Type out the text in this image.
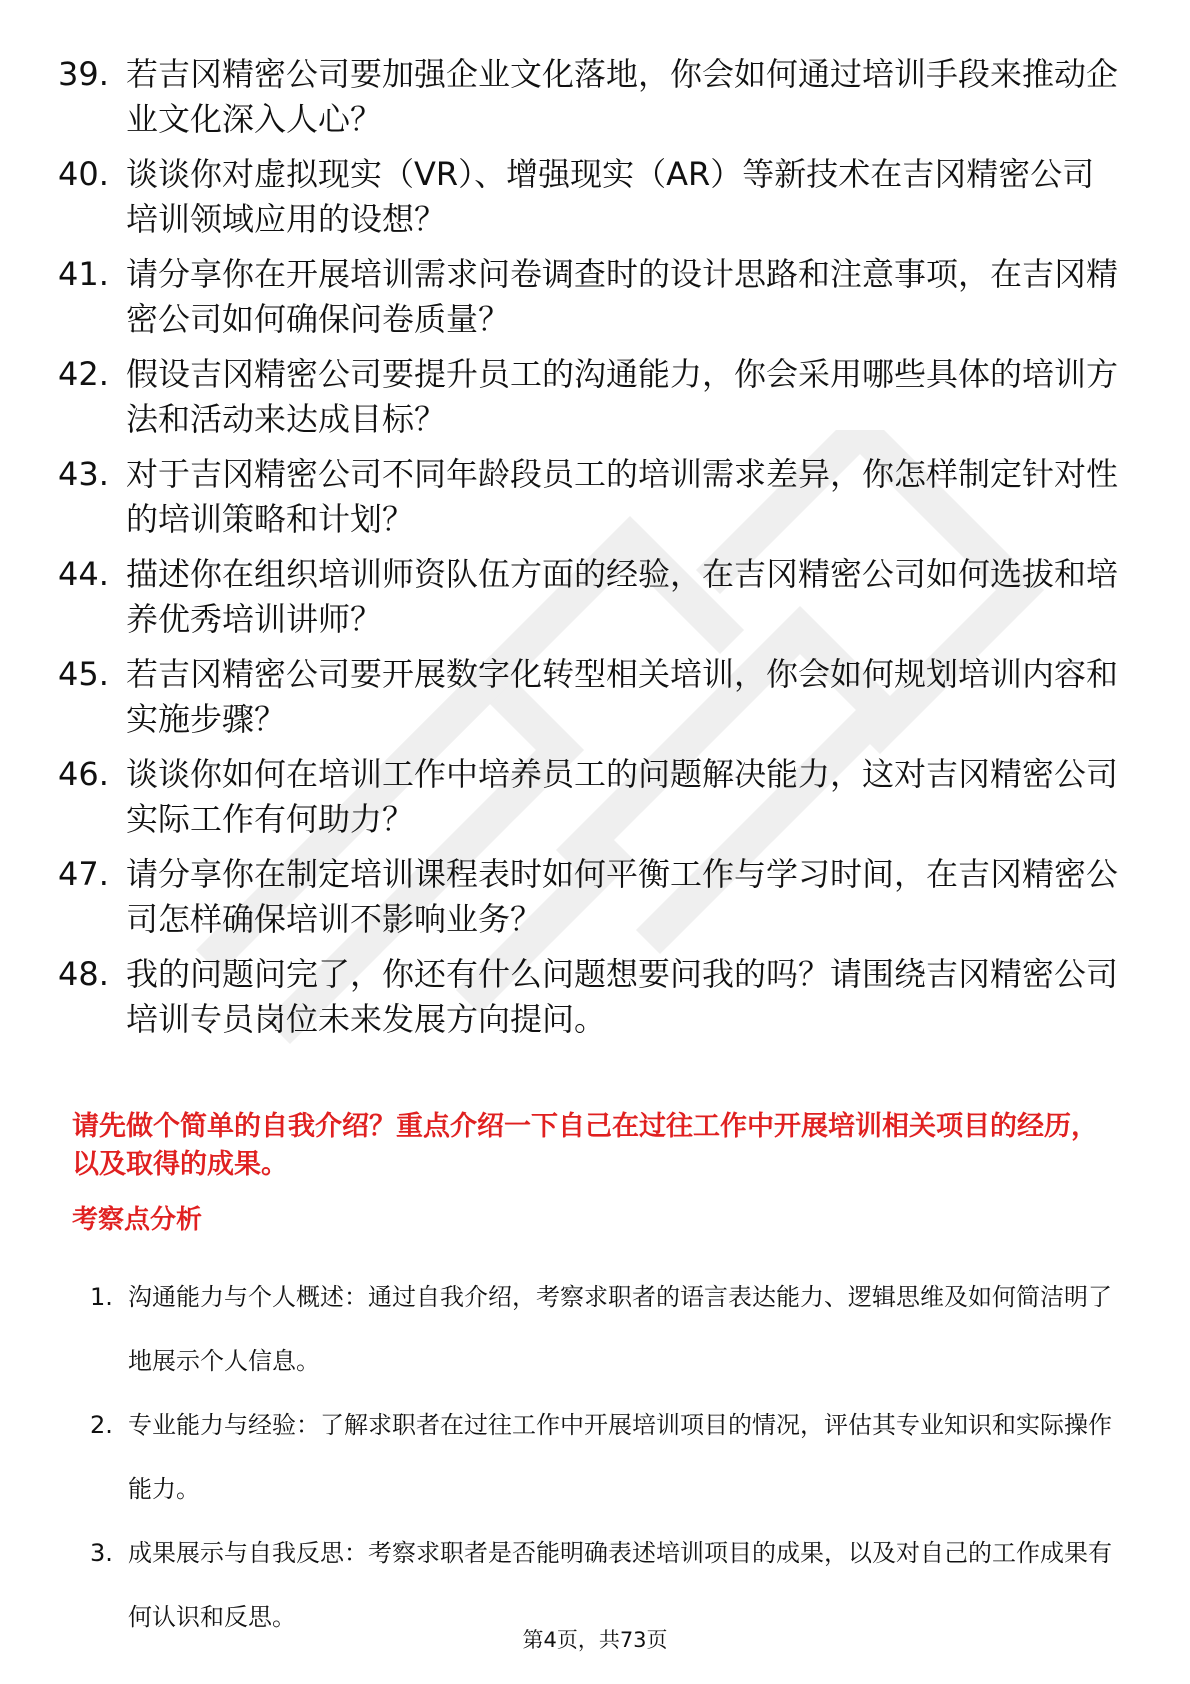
39. 若吉冈精密公司要加强企业文化落地，你会如何通过培训手段来推动企业文化深入人心？
40. 谈谈你对虚拟现实（VR）、增强现实（AR）等新技术在吉冈精密公司培训领域应用的设想？
41. 请分享你在开展培训需求问卷调查时的设计思路和注意事项，在吉冈精密公司如何确保问卷质量？
42. 假设吉冈精密公司要提升员工的沟通能力，你会采用哪些具体的培训方法和活动来达成目标？
43. 对于吉冈精密公司不同年龄段员工的培训需求差异，你怎样制定针对性的培训策略和计划？
44. 描述你在组织培训师资队伍方面的经验，在吉冈精密公司如何选拔和培养优秀培训讲师？
45. 若吉冈精密公司要开展数字化转型相关培训，你会如何规划培训内容和实施步骤？
46. 谈谈你如何在培训工作中培养员工的问题解决能力，这对吉冈精密公司实际工作有何助力？
47. 请分享你在制定培训课程表时如何平衡工作与学习时间，在吉冈精密公司怎样确保培训不影响业务？
48. 我的问题问完了，你还有什么问题想要问我的吗？请围绕吉冈精密公司培训专员岗位未来发展方向提问。
请先做个简单的自我介绍？重点介绍一下自己在过往工作中开展培训相关项目的经历，以及取得的成果。
考察点分析
1. 沟通能力与个人概述：通过自我介绍，考察求职者的语言表达能力、逻辑思维及如何简洁明了地展示个人信息。
2. 专业能力与经验：了解求职者在过往工作中开展培训项目的情况，评估其专业知识和实际操作能力。
3. 成果展示与自我反思：考察求职者是否能明确表述培训项目的成果，以及对自己的工作成果有何认识和反思。
第4页，共73页
